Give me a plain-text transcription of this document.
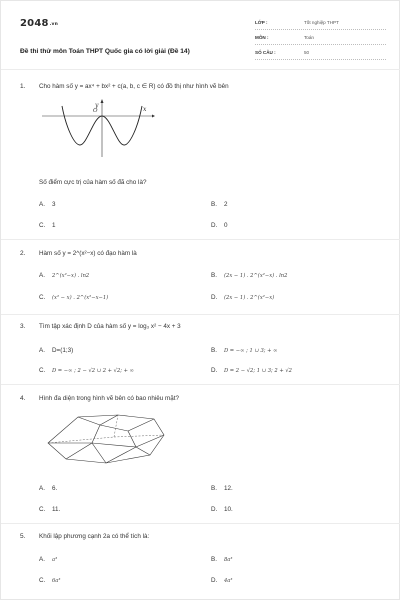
2048.vn
Đề thi thử môn Toán THPT Quốc gia có lời giải (Đề 14)
LỚP :	Tốt nghiệp THPT
MÔN :	Toán
SỐ CÂU :	50
1. Cho hàm số y = ax⁴ + bx² + c(a, b, c ∈ R) có đồ thị như hình vẽ bên
y
x
O
Số điểm cực trị của hàm số đã cho là?
A. 3	B. 2
C. 1	D. 0
2. Hàm số y = 2^(x²−x) có đạo hàm là
A. 2^(x²−x) . ln2	B. (2x − 1) . 2^(x²−x) . ln2
C. (x² − x) . 2^(x²−x−1)	D. (2x − 1) . 2^(x²−x)
3. Tìm tập xác định D của hàm số y = log₃ x² − 4x + 3
A. D=(1;3)	B. D = −∞ ; 1 ∪ 3; + ∞
C. D = −∞ ; 2 − √2 ∪ 2 + √2; + ∞	D. D = 2 − √2; 1 ∪ 3; 2 + √2
4. Hình đa diện trong hình vẽ bên có bao nhiêu mặt?
A. 6.	B. 12.
C. 11.	D. 10.
5. Khối lập phương cạnh 2a có thể tích là:
A. a³	B. 8a³
C. 6a³	D. 4a³
